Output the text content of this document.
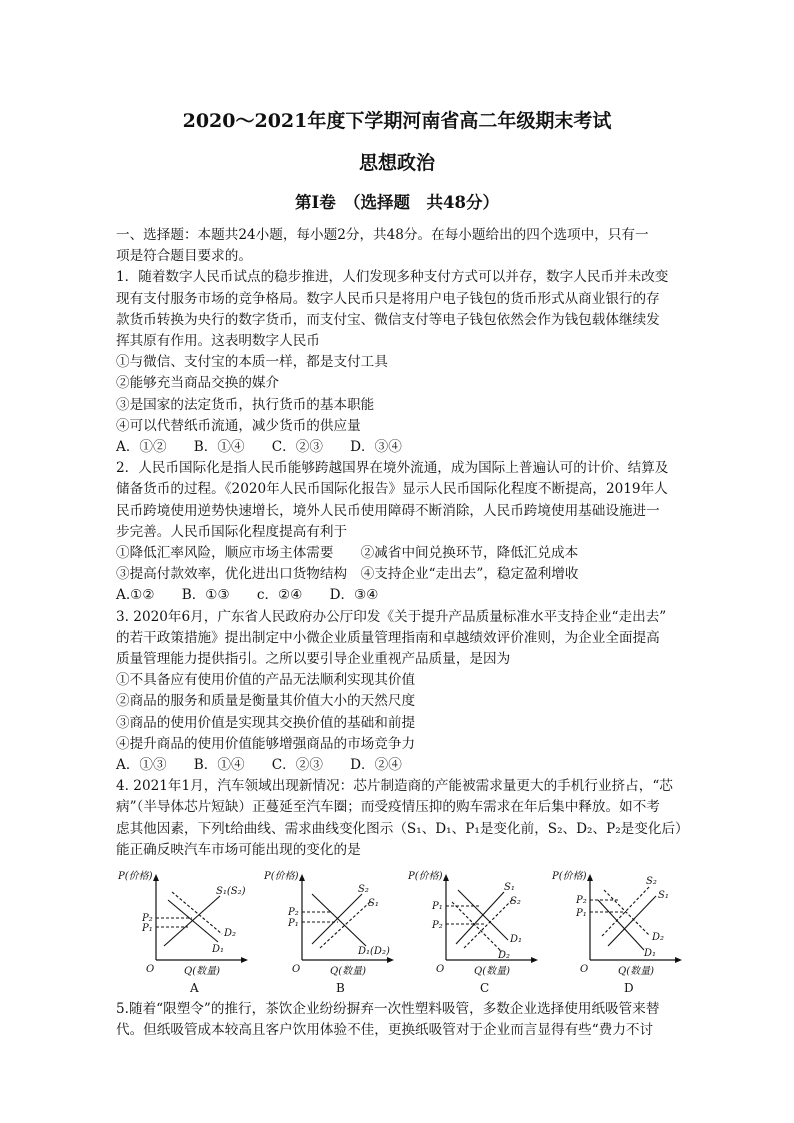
2020～2021年度下学期河南省高二年级期末考试
思想政治
第Ⅰ卷　（选择题　共48分）

一、选择题：本题共24小题，每小题2分，共48分。在每小题给出的四个选项中，只有一

项是符合题目要求的。

1．随着数字人民币试点的稳步推进，人们发现多种支付方式可以并存，数字人民币并未改变

现有支付服务市场的竞争格局。数字人民币只是将用户电子钱包的货币形式从商业银行的存

款货币转换为央行的数字货币，而支付宝、微信支付等电子钱包依然会作为钱包载体继续发

挥其原有作用。这表明数字人民币

①与微信、支付宝的本质一样，都是支付工具

②能够充当商品交换的媒介

③是国家的法定货币，执行货币的基本职能

④可以代替纸币流通，减少货币的供应量

A．①②　　B．①④　　C．②③　　D．③④

2．人民币国际化是指人民币能够跨越国界在境外流通，成为国际上普遍认可的计价、结算及

储备货币的过程。《2020年人民币国际化报告》显示人民币国际化程度不断提高，2019年人

民币跨境使用逆势快速增长，境外人民币使用障碍不断消除，人民币跨境使用基础设施进一

步完善。人民币国际化程度提高有利于

①降低汇率风险，顺应市场主体需要　　②减省中间兑换环节，降低汇兑成本

③提高付款效率，优化进出口货物结构　④支持企业“走出去”，稳定盈利增收

A.①②　　B．①③　　c．②④　　D．③④

3. 2020年6月，广东省人民政府办公厅印发《关于提升产品质量标准水平支持企业“走出去”

的若干政策措施》提出制定中小微企业质量管理指南和卓越绩效评价准则，为企业全面提高

质量管理能力提供指引。之所以要引导企业重视产品质量，是因为

①不具备应有使用价值的产品无法顺利实现其价值

②商品的服务和质量是衡量其价值大小的天然尺度

③商品的使用价值是实现其交换价值的基础和前提

④提升商品的使用价值能够增强商品的市场竞争力

A．①③　　B．①④　　C．②③　　D．②④

4. 2021年1月，汽车领域出现新情况：芯片制造商的产能被需求量更大的手机行业挤占，“芯

病”（半导体芯片短缺）正蔓延至汽车圈；而受疫情压抑的购车需求在年后集中释放。如不考

虑其他因素，下列t给曲线、需求曲线变化图示（S₁、D₁、P₁是变化前，S₂、D₂、P₂是变化后）

能正确反映汽车市场可能出现的变化的是

P(价格)
Q(数量)
O
S₁(S₂)
D₂
D₁
P₂
P₁
P(价格)
Q(数量)
O
S₂
S₁
D₁(D₂)
P₂
P₁
P(价格)
Q(数量)
O
S₁
S₂
D₁
D₂
P₁
P₂
P(价格)
Q(数量)
O
S₂
S₁
D₂
D₁
P₂
P₁
A	B	C	D

5.随着“限塑令”的推行，茶饮企业纷纷摒弃一次性塑料吸管，多数企业选择使用纸吸管来替

代。但纸吸管成本较高且客户饮用体验不佳，更换纸吸管对于企业而言显得有些“费力不讨
